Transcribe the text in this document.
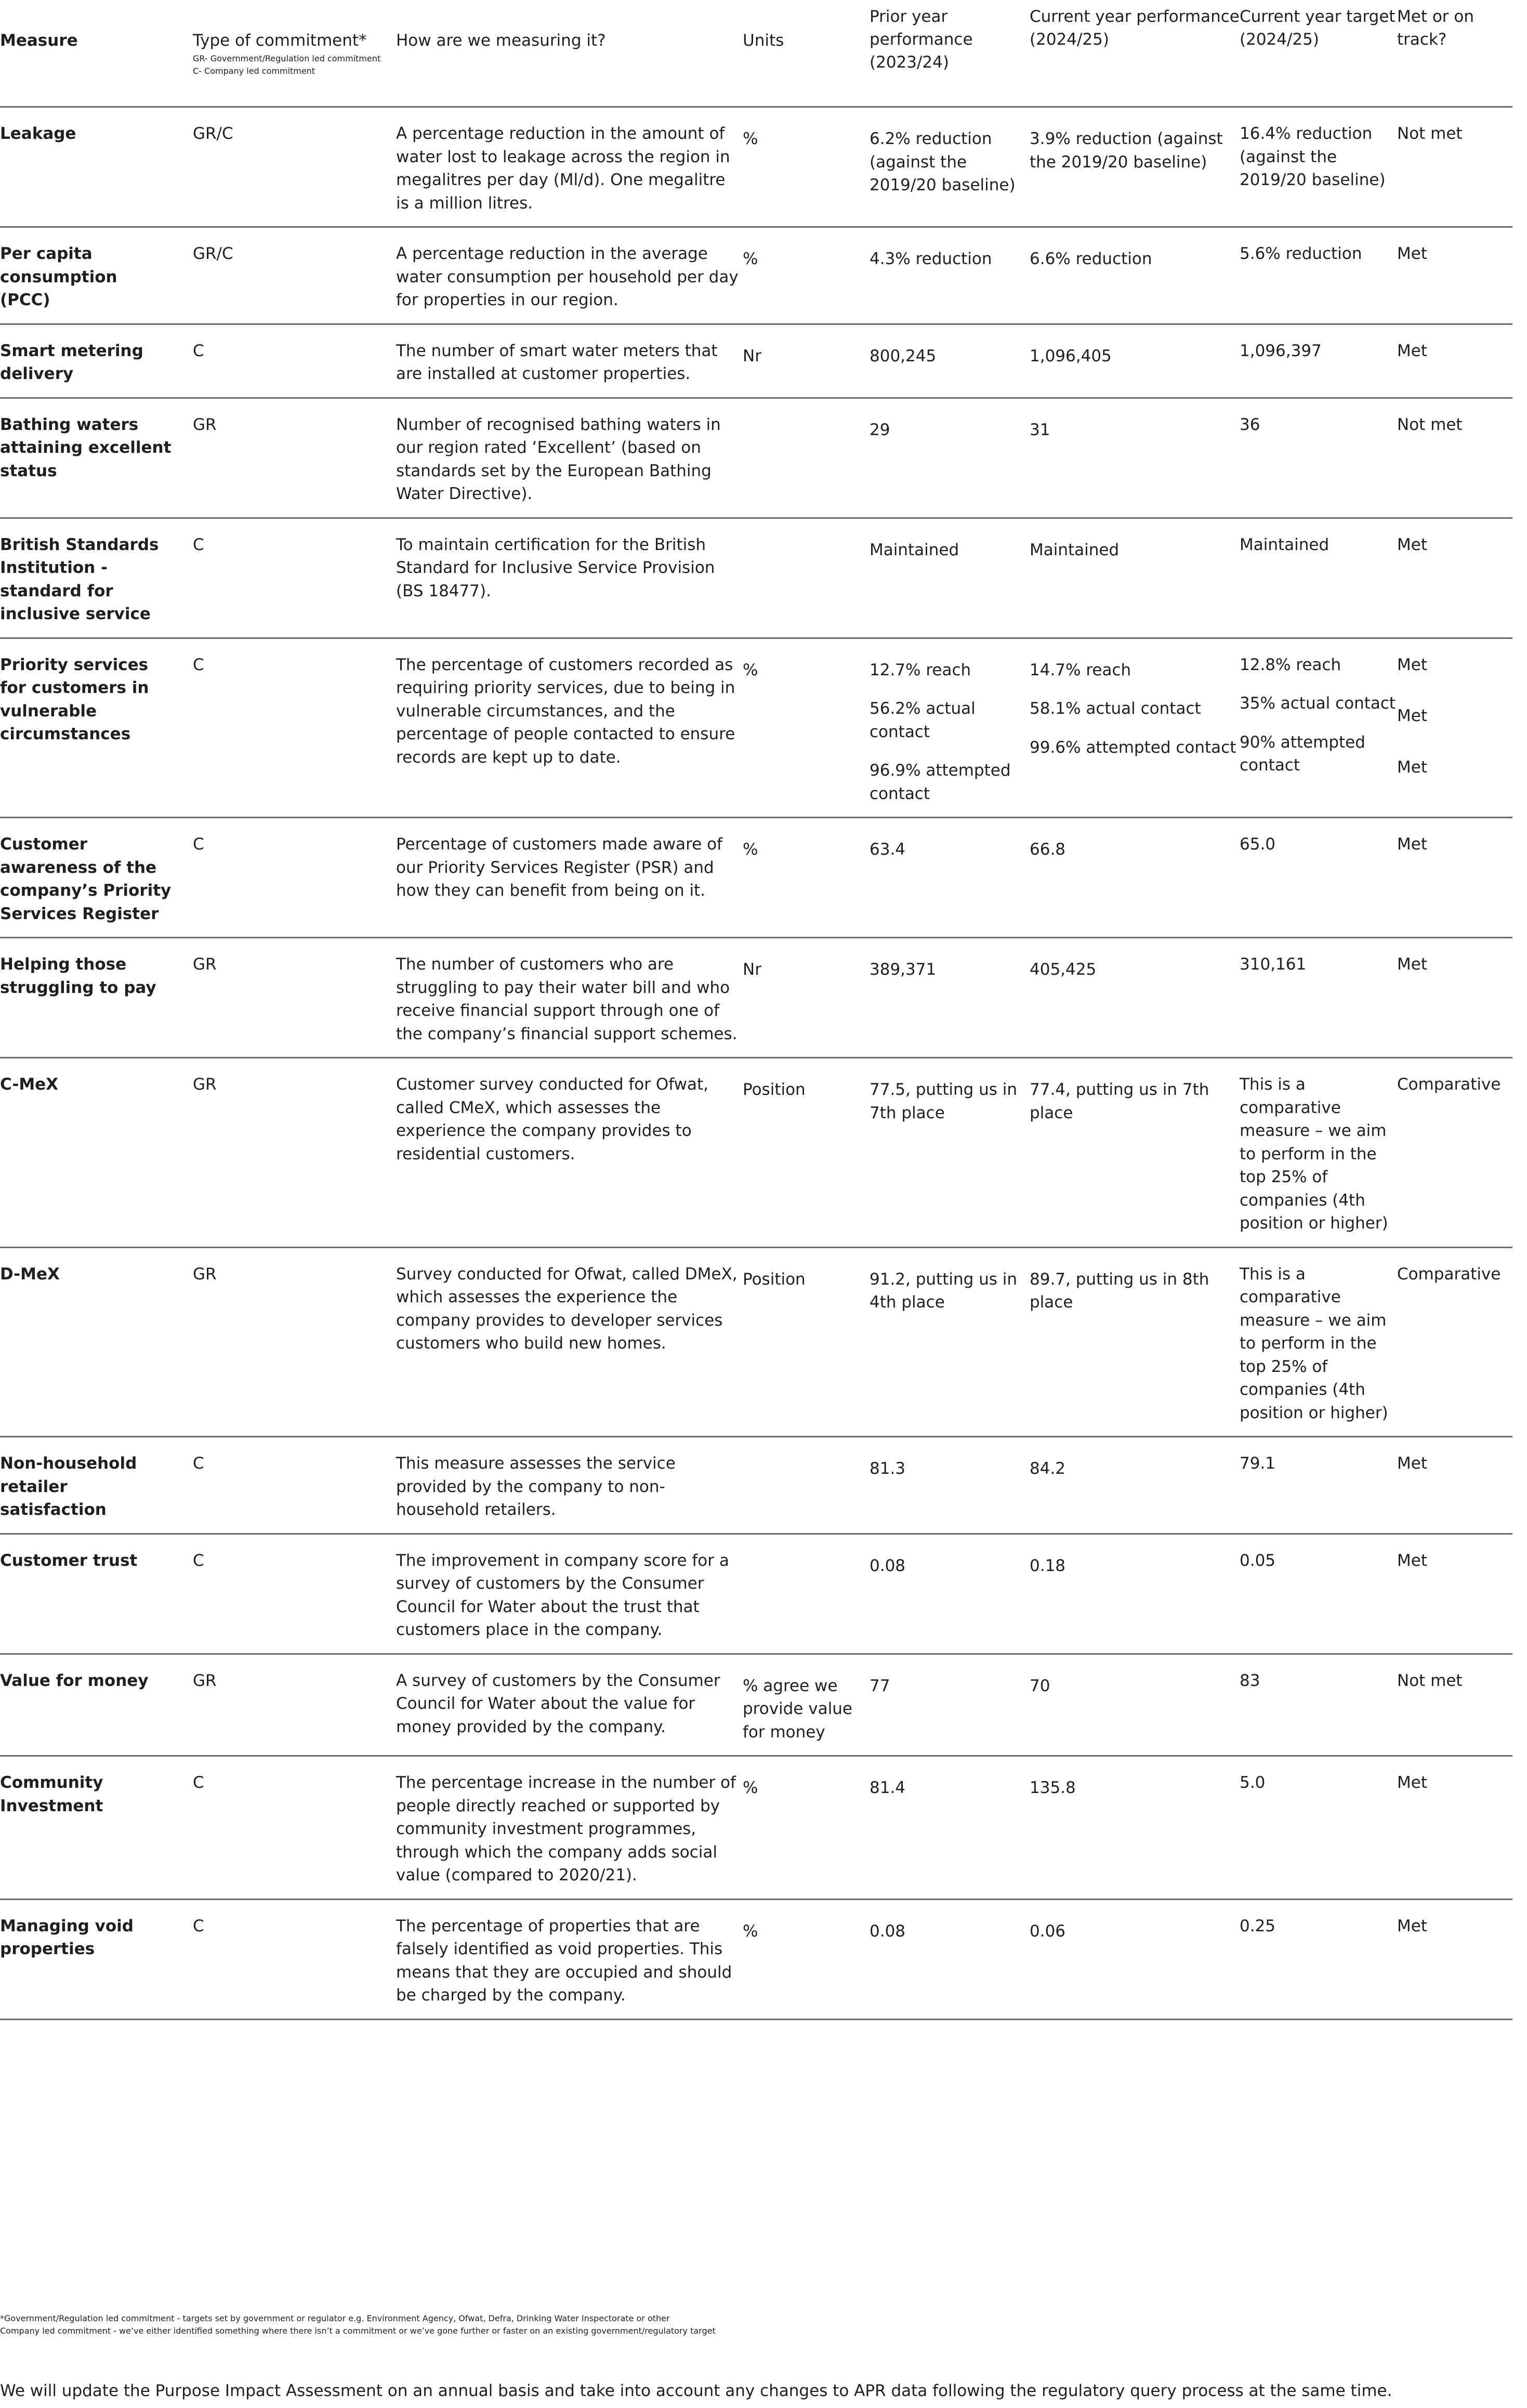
Measure	Type of commitment*
GR- Government/Regulation led commitment
C- Company led commitment	How are we measuring it?	Units	Prior year performance (2023/24)	Current year performance (2024/25)	Current year target (2024/25)	Met or on track?
Leakage	GR/C	A percentage reduction in the amount of water lost to leakage across the region in megalitres per day (Ml/d). One megalitre is a million litres.	%	6.2% reduction (against the 2019/20 baseline)	3.9% reduction (against the 2019/20 baseline)	16.4% reduction (against the 2019/20 baseline)	Not met

Per capita consumption (PCC)	GR/C	A percentage reduction in the average water consumption per household per day for properties in our region.	%	4.3% reduction	6.6% reduction	5.6% reduction	Met

Smart metering delivery	C	The number of smart water meters that are installed at customer properties.	Nr	800,245	1,096,405	1,096,397	Met

Bathing waters attaining excellent status	GR	Number of recognised bathing waters in our region rated ‘Excellent’ (based on standards set by the European Bathing Water Directive).		29	31	36	Not met

British Standards Institution - standard for inclusive service	C	To maintain certification for the British Standard for Inclusive Service Provision (BS 18477).		Maintained	Maintained	Maintained	Met

Priority services for customers in vulnerable circumstances	C	The percentage of customers recorded as requiring priority services, due to being in vulnerable circumstances, and the percentage of people contacted to ensure records are kept up to date.	%	12.7% reach
56.2% actual contact
96.9% attempted contact	14.7% reach
58.1% actual contact
99.6% attempted contact	12.8% reach
35% actual contact
90% attempted contact	Met
Met
Met

Customer awareness of the company’s Priority Services Register	C	Percentage of customers made aware of our Priority Services Register (PSR) and how they can benefit from being on it.	%	63.4	66.8	65.0	Met

Helping those struggling to pay	GR	The number of customers who are struggling to pay their water bill and who receive financial support through one of the company’s financial support schemes.	Nr	389,371	405,425	310,161	Met

C-MeX	GR	Customer survey conducted for Ofwat, called CMeX, which assesses the experience the company provides to residential customers.	Position	77.5, putting us in 7th place	77.4, putting us in 7th place	This is a comparative measure – we aim to perform in the top 25% of companies (4th position or higher)	Comparative

D-MeX	GR	Survey conducted for Ofwat, called DMeX, which assesses the experience the company provides to developer services customers who build new homes.	Position	91.2, putting us in 4th place	89.7, putting us in 8th place	This is a comparative measure – we aim to perform in the top 25% of companies (4th position or higher)	Comparative

Non-household retailer satisfaction	C	This measure assesses the service provided by the company to non-household retailers.		81.3	84.2	79.1	Met

Customer trust	C	The improvement in company score for a survey of customers by the Consumer Council for Water about the trust that customers place in the company.		0.08	0.18	0.05	Met

Value for money	GR	A survey of customers by the Consumer Council for Water about the value for money provided by the company.	% agree we provide value for money	77	70	83	Not met

Community Investment	C	The percentage increase in the number of people directly reached or supported by community investment programmes, through which the company adds social value (compared to 2020/21).	%	81.4	135.8	5.0	Met

Managing void properties	C	The percentage of properties that are falsely identified as void properties. This means that they are occupied and should be charged by the company.	%	0.08	0.06	0.25	Met
*Government/Regulation led commitment - targets set by government or regulator e.g. Environment Agency, Ofwat, Defra, Drinking Water Inspectorate or other
Company led commitment - we’ve either identified something where there isn’t a commitment or we’ve gone further or faster on an existing government/regulatory target
We will update the Purpose Impact Assessment on an annual basis and take into account any changes to APR data following the regulatory query process at the same time.
